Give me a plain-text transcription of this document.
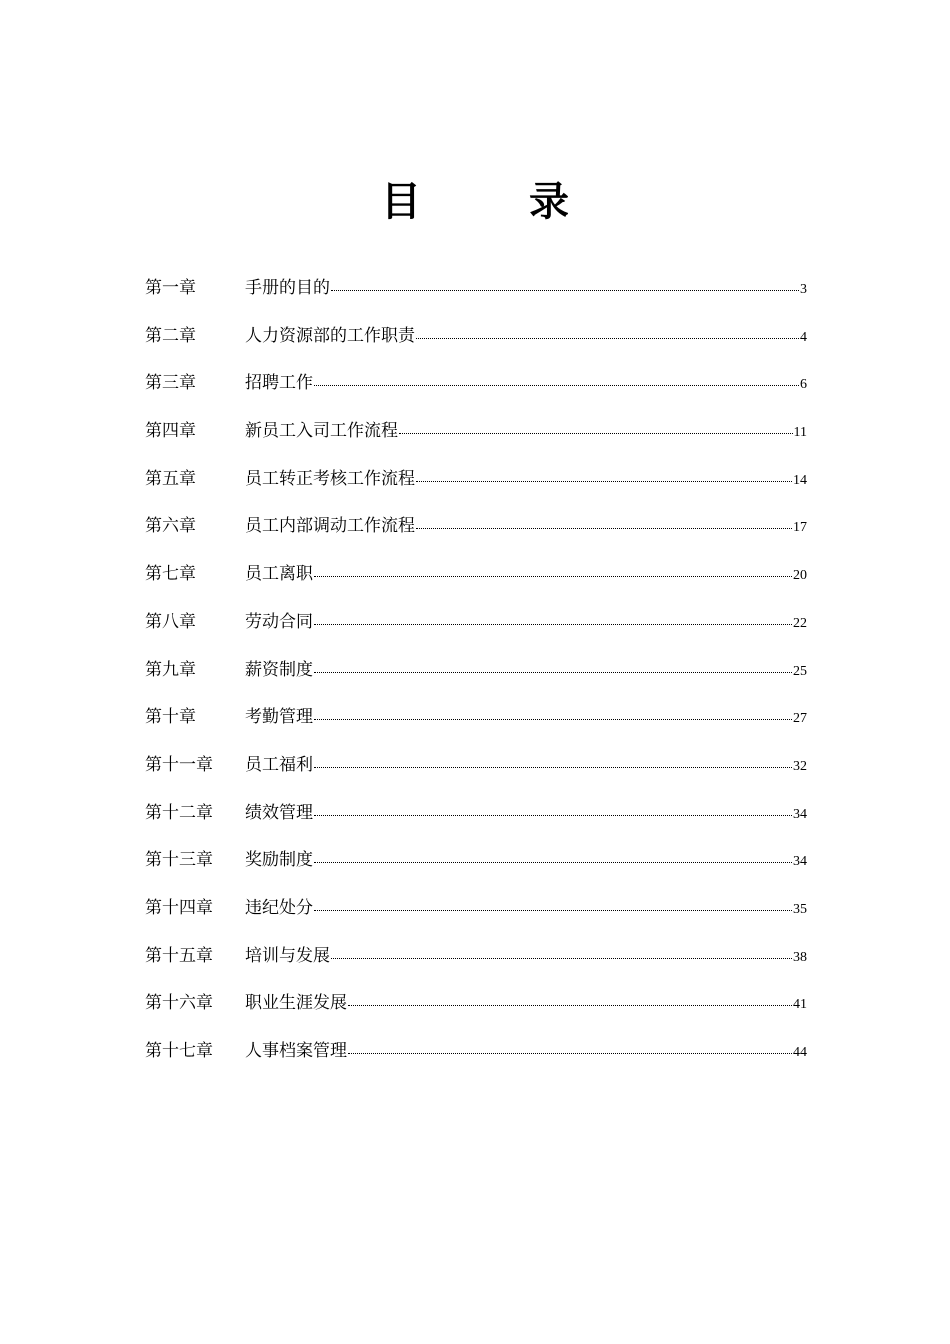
目　录
第一章	手册的目的	3
第二章	人力资源部的工作职责	4
第三章	招聘工作	6
第四章	新员工入司工作流程	11
第五章	员工转正考核工作流程	14
第六章	员工内部调动工作流程	17
第七章	员工离职	20
第八章	劳动合同	22
第九章	薪资制度	25
第十章	考勤管理	27
第十一章	员工福利	32
第十二章	绩效管理	34
第十三章	奖励制度	34
第十四章	违纪处分	35
第十五章	培训与发展	38
第十六章	职业生涯发展	41
第十七章	人事档案管理	44
